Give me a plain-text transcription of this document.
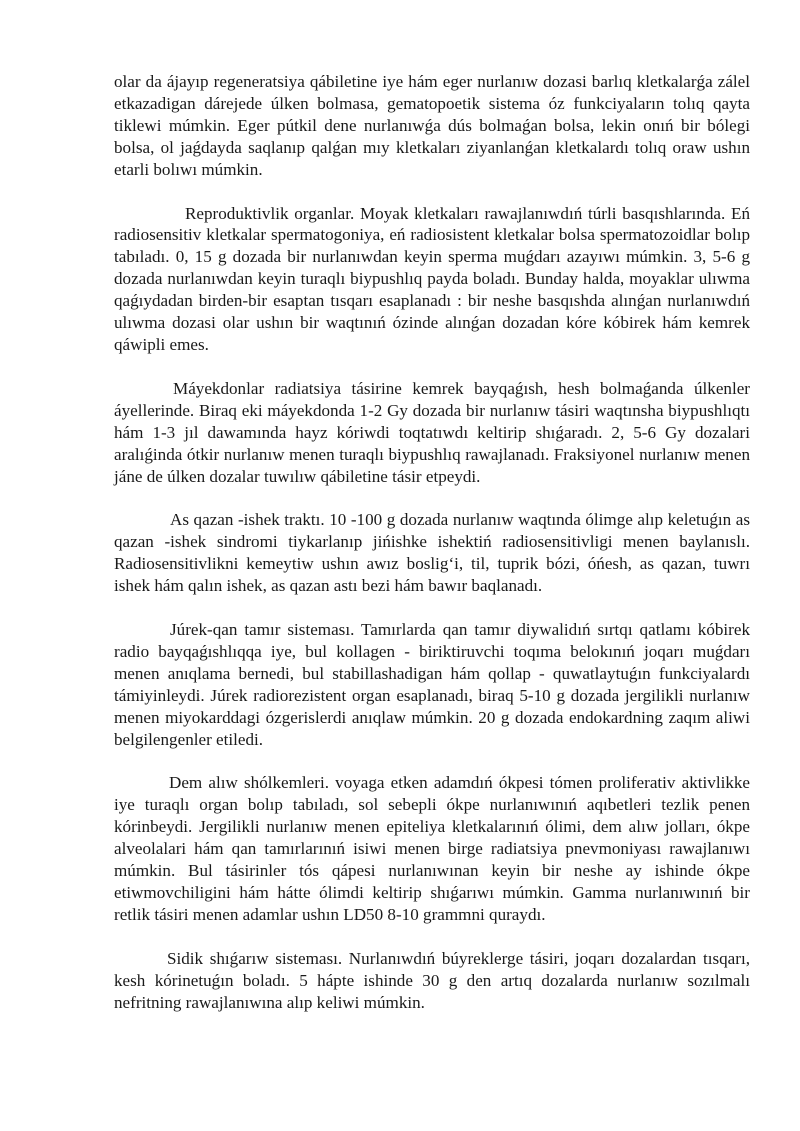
olar da ájayıp regeneratsiya qábiletine iye hám eger nurlanıw dozasi barlıq kletkalarǵa zálel etkazadigan dárejede úlken bolmasa, gematopoetik sistema óz funkciyaların tolıq qayta tiklewi múmkin. Eger pútkil dene nurlanıwǵa dús bolmaǵan bolsa, lekin onıń bir bólegi bolsa, ol jaǵdayda saqlanıp qalǵan mıy kletkaları ziyanlanǵan kletkalardı tolıq oraw ushın etarli bolıwı múmkin.

Reproduktivlik organlar. Moyak kletkaları rawajlanıwdıń túrli basqıshlarında. Eń radiosensitiv kletkalar spermatogoniya, eń radiosistent kletkalar bolsa spermatozoidlar bolıp tabıladı. 0, 15 g dozada bir nurlanıwdan keyin sperma muǵdarı azayıwı múmkin. 3, 5-6 g dozada nurlanıwdan keyin turaqlı biypushlıq payda boladı. Bunday halda, moyaklar ulıwma qaǵıydadan birden-bir esaptan tısqarı esaplanadı : bir neshe basqıshda alınǵan nurlanıwdıń ulıwma dozasi olar ushın bir waqtınıń ózinde alınǵan dozadan kóre kóbirek hám kemrek qáwipli emes.

Máyekdonlar radiatsiya tásirine kemrek bayqaǵısh, hesh bolmaǵanda úlkenler áyellerinde. Biraq eki máyekdonda 1-2 Gy dozada bir nurlanıw tásiri waqtınsha biypushlıqtı hám 1-3 jıl dawamında hayz kóriwdi toqtatıwdı keltirip shıǵaradı. 2, 5-6 Gy dozalari aralıǵinda ótkir nurlanıw menen turaqlı biypushlıq rawajlanadı. Fraksiyonel nurlanıw menen jáne de úlken dozalar tuwılıw qábiletine tásir etpeydi.

As qazan -ishek traktı. 10 -100 g dozada nurlanıw waqtında ólimge alıp keletuǵın as qazan -ishek sindromi tiykarlanıp jińishke ishektiń radiosensitivligi menen baylanıslı. Radiosensitivlikni kemeytiw ushın awız bosligʻi, til, tuprik bózi, óńesh, as qazan, tuwrı ishek hám qalın ishek, as qazan astı bezi hám bawır baqlanadı.

Júrek-qan tamır sisteması. Tamırlarda qan tamır diywalidıń sırtqı qatlamı kóbirek radio bayqaǵıshlıqqa iye, bul kollagen - biriktiruvchi toqıma belokınıń joqarı muǵdarı menen anıqlama bernedi, bul stabillashadigan hám qollap - quwatlaytuǵın funkciyalardı támiyinleydi. Júrek radiorezistent organ esaplanadı, biraq 5-10 g dozada jergilikli nurlanıw menen miyokarddagi ózgerislerdi anıqlaw múmkin. 20 g dozada endokardning zaqım aliwi belgilengenler etiledi.

Dem alıw shólkemleri. voyaga etken adamdıń ókpesi tómen proliferativ aktivlikke iye turaqlı organ bolıp tabıladı, sol sebepli ókpe nurlanıwınıń aqıbetleri tezlik penen kórinbeydi. Jergilikli nurlanıw menen epiteliya kletkalarınıń ólimi, dem alıw jolları, ókpe alveolalari hám qan tamırlarınıń isiwi menen birge radiatsiya pnevmoniyası rawajlanıwı múmkin. Bul tásirinler tós qápesi nurlanıwınan keyin bir neshe ay ishinde ókpe etiwmovchiligini hám hátte ólimdi keltirip shıǵarıwı múmkin. Gamma nurlanıwınıń bir retlik tásiri menen adamlar ushın LD50 8-10 grammni quraydı.

Sidik shıǵarıw sisteması. Nurlanıwdıń búyreklerge tásiri, joqarı dozalardan tısqarı, kesh kórinetuǵın boladı. 5 hápte ishinde 30 g den artıq dozalarda nurlanıw sozılmalı nefritning rawajlanıwına alıp keliwi múmkin.
